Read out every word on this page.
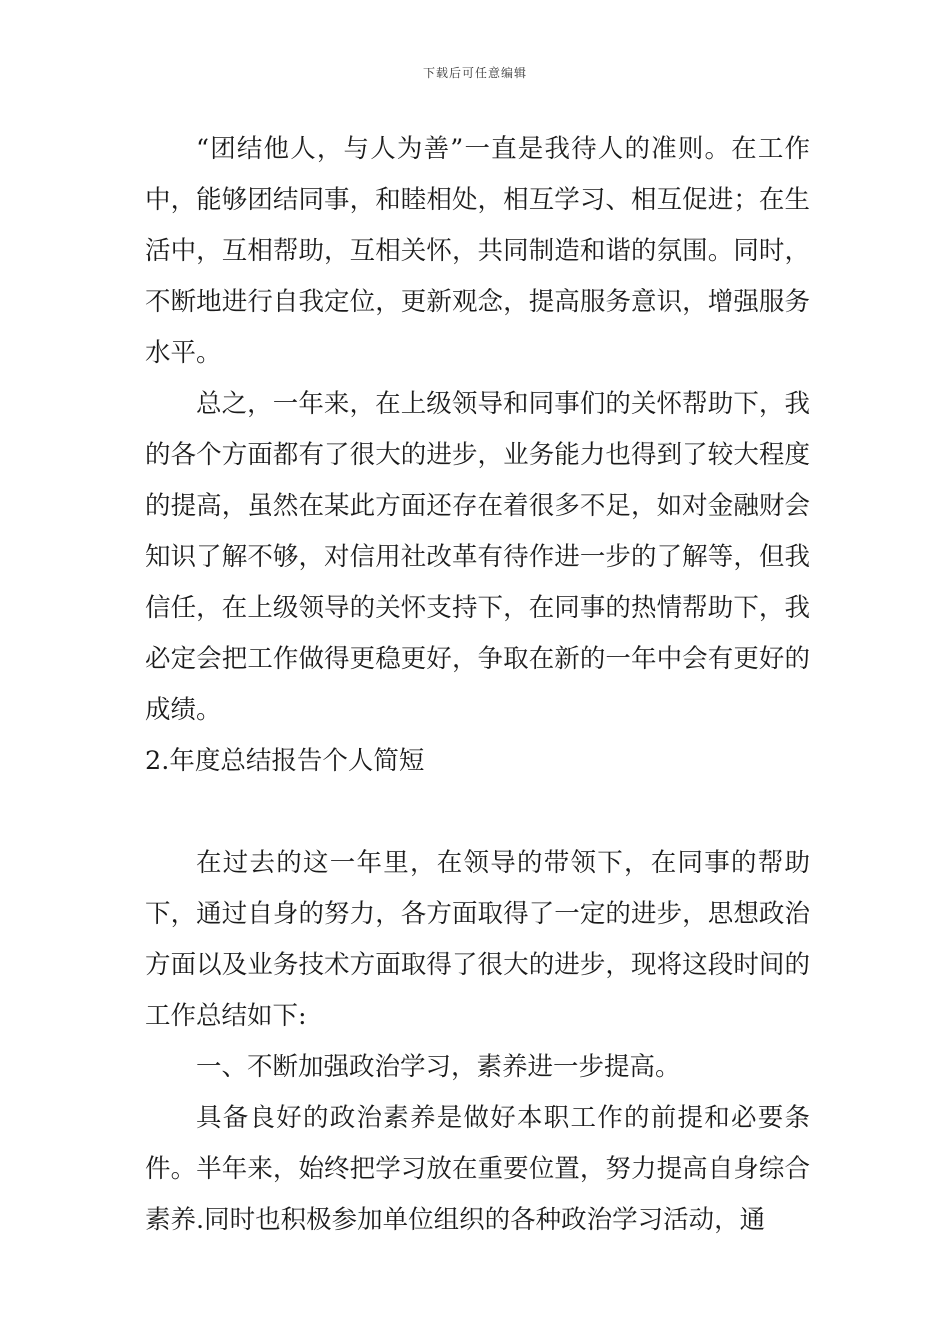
下载后可任意编辑

“团结他人，与人为善”一直是我待人的准则。在工作中，能够团结同事，和睦相处，相互学习、相互促进；在生活中，互相帮助，互相关怀，共同制造和谐的氛围。同时，不断地进行自我定位，更新观念，提高服务意识，增强服务水平。

总之，一年来，在上级领导和同事们的关怀帮助下，我的各个方面都有了很大的进步，业务能力也得到了较大程度的提高，虽然在某此方面还存在着很多不足，如对金融财会知识了解不够，对信用社改革有待作进一步的了解等，但我信任，在上级领导的关怀支持下，在同事的热情帮助下，我必定会把工作做得更稳更好，争取在新的一年中会有更好的成绩。

2.年度总结报告个人简短

在过去的这一年里，在领导的带领下，在同事的帮助下，通过自身的努力，各方面取得了一定的进步，思想政治方面以及业务技术方面取得了很大的进步，现将这段时间的工作总结如下:

一、不断加强政治学习，素养进一步提高。

具备良好的政治素养是做好本职工作的前提和必要条件。半年来，始终把学习放在重要位置，努力提高自身综合素养.同时也积极参加单位组织的各种政治学习活动，通
